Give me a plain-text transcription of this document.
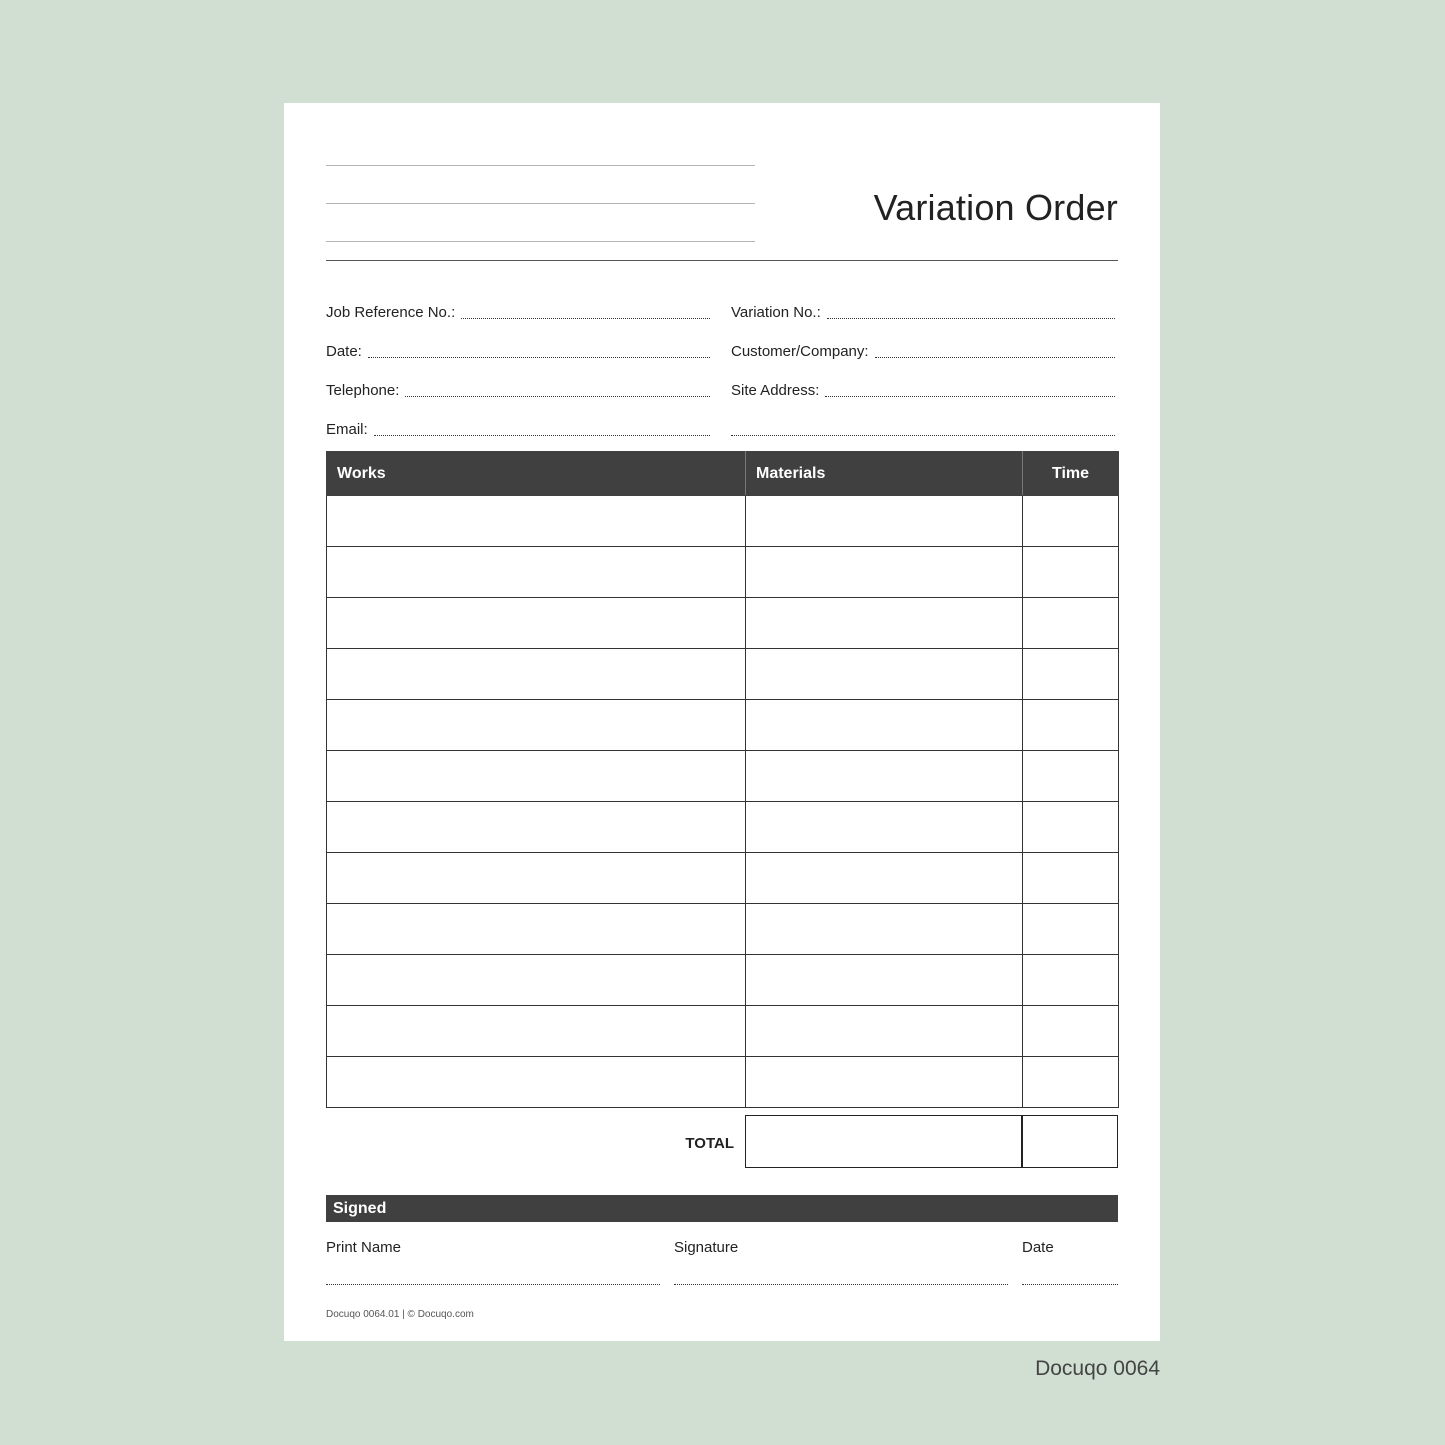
Variation Order
Job Reference No.:
Date:
Telephone:
Email:
Variation No.:
Customer/Company:
Site Address:
Works	Materials	Time

TOTAL
Signed
Print Name	Signature	Date
Docuqo 0064.01 | © Docuqo.com
Docuqo 0064
